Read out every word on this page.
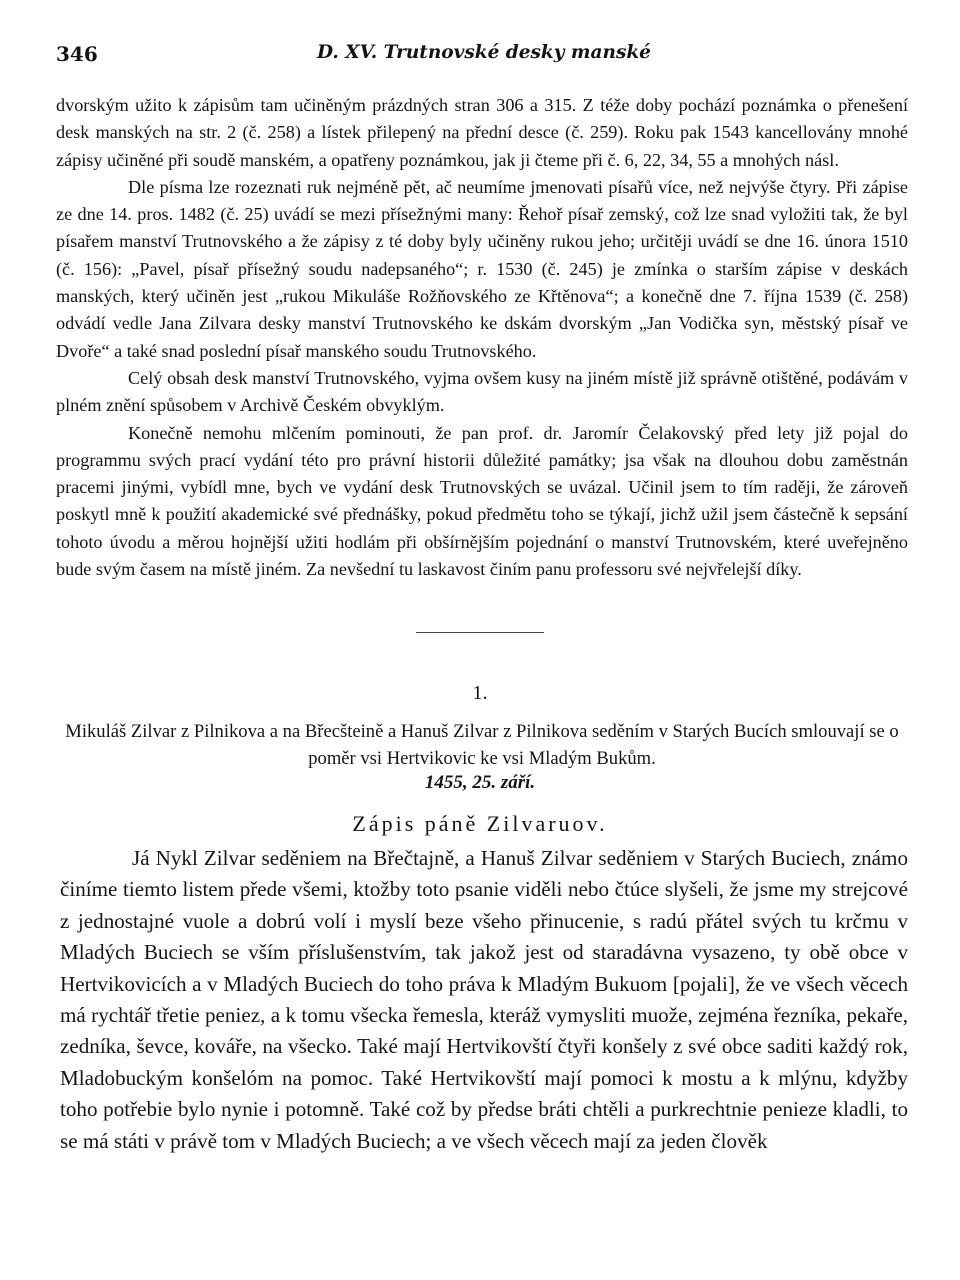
346	D. XV. Trutnovské desky manské

dvorským užito k zápisům tam učiněným prázdných stran 306 a 315. Z téže doby pochází poznámka o přenešení desk manských na str. 2 (č. 258) a lístek přilepený na přední desce (č. 259). Roku pak 1543 kancellovány mnohé zápisy učiněné při soudě manském, a opatřeny poznámkou, jak ji čteme při č. 6, 22, 34, 55 a mnohých násl.

Dle písma lze rozeznati ruk nejméně pět, ač neumíme jmenovati písařů více, než nejvýše čtyry. Při zápise ze dne 14. pros. 1482 (č. 25) uvádí se mezi přísežnými many: Řehoř písař zemský, což lze snad vyložiti tak, že byl písařem manství Trutnovského a že zápisy z té doby byly učiněny rukou jeho; určitěji uvádí se dne 16. února 1510 (č. 156): „Pavel, písař přísežný soudu nadepsaného“; r. 1530 (č. 245) je zmínka o starším zápise v deskách manských, který učiněn jest „rukou Mikuláše Rožňovského ze Křtěnova“; a konečně dne 7. října 1539 (č. 258) odvádí vedle Jana Zilvara desky manství Trutnovského ke dskám dvorským „Jan Vodička syn, městský písař ve Dvoře“ a také snad poslední písař manského soudu Trutnovského.

Celý obsah desk manství Trutnovského, vyjma ovšem kusy na jiném místě již správně otištěné, podávám v plném znění spůsobem v Archivě Českém obvyklým.

Konečně nemohu mlčením pominouti, že pan prof. dr. Jaromír Čelakovský před lety již pojal do programmu svých prací vydání této pro právní historii důležité památky; jsa však na dlouhou dobu zaměstnán pracemi jinými, vybídl mne, bych ve vydání desk Trutnovských se uvázal. Učinil jsem to tím raději, že zároveň poskytl mně k použití akademické své přednášky, pokud předmětu toho se týkají, jichž užil jsem částečně k sepsání tohoto úvodu a měrou hojnější užiti hodlám při obšírnějším pojednání o manství Trutnovském, které uveřejněno bude svým časem na místě jiném. Za nevšední tu laskavost činím panu professoru své nejvřelejší díky.

1.

Mikuláš Zilvar z Pilnikova a na Břecšteině a Hanuš Zilvar z Pilnikova seděním v Starých Bucích smlouvají se o poměr vsi Hertvikovic ke vsi Mladým Bukům.

1455, 25. září.
Zápis páně Zilvaruov.

Já Nykl Zilvar seděniem na Břečtajně, a Hanuš Zilvar seděniem v Starých Buciech, známo činíme tiemto listem přede všemi, ktožby toto psanie viděli nebo čtúce slyšeli, že jsme my strejcové z jednostajné vuole a dobrú volí i myslí beze všeho přinucenie, s radú přátel svých tu krčmu v Mladých Buciech se vším příslušenstvím, tak jakož jest od staradávna vysazeno, ty obě obce v Hertvikovicích a v Mladých Buciech do toho práva k Mladým Bukuom [pojali], že ve všech věcech má rychtář třetie peniez, a k tomu všecka řemesla, kteráž vymysliti muože, zejména řezníka, pekaře, zedníka, ševce, kováře, na všecko. Také mají Hertvikovští čtyři konšely z své obce saditi každý rok, Mladobuckým konšelóm na pomoc. Také Hertvikovští mají pomoci k mostu a k mlýnu, kdyžby toho potřebie bylo nynie i potomně. Také což by předse bráti chtěli a purkrechtnie penieze kladli, to se má státi v právě tom v Mladých Buciech; a ve všech věcech mají za jeden člověk
